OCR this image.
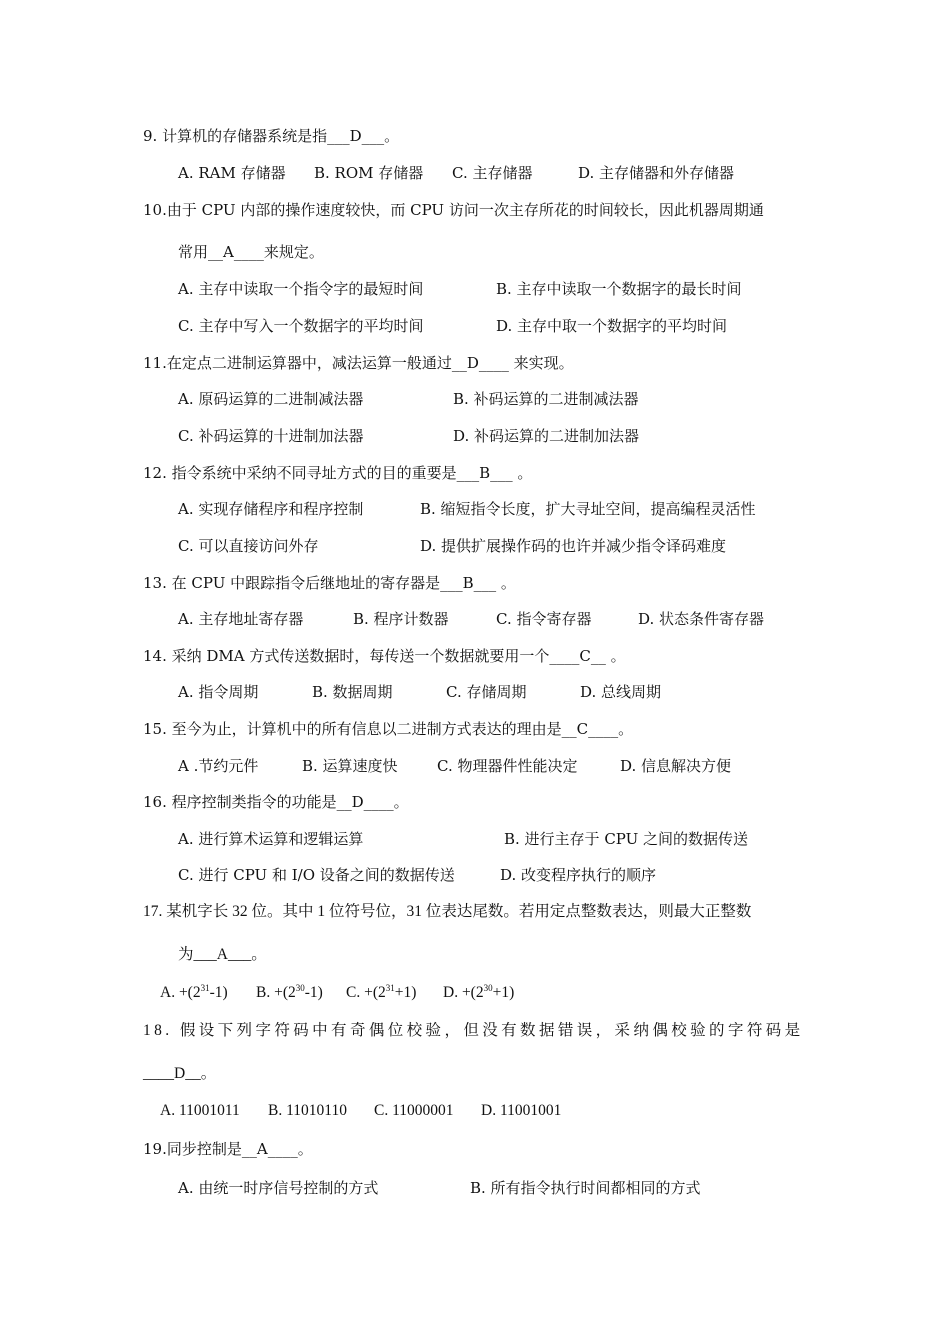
9. 计算机的存储器系统是指___D___。
A. RAM 存储器 B. ROM 存储器 C. 主存储器	D. 主存储器和外存储器
10.由于 CPU 内部的操作速度较快，而 CPU 访问一次主存所花的时间较长，因此机器周期通
常用__A____来规定。
A. 主存中读取一个指令字的最短时间	B. 主存中读取一个数据字的最长时间
C. 主存中写入一个数据字的平均时间	D. 主存中取一个数据字的平均时间
11.在定点二进制运算器中，减法运算一般通过__D____ 来实现。
A. 原码运算的二进制减法器	B. 补码运算的二进制减法器
C. 补码运算的十进制加法器	D. 补码运算的二进制加法器
12. 指令系统中采纳不同寻址方式的目的重要是___B___ 。
A. 实现存储程序和程序控制	B. 缩短指令长度，扩大寻址空间，提高编程灵活性
C. 可以直接访问外存	D. 提供扩展操作码的也许并减少指令译码难度
13. 在 CPU 中跟踪指令后继地址的寄存器是___B___ 。
A. 主存地址寄存器	B. 程序计数器	C. 指令寄存器	D. 状态条件寄存器
14. 采纳 DMA 方式传送数据时，每传送一个数据就要用一个____C__ 。
A. 指令周期	B. 数据周期	C. 存储周期	D. 总线周期
15. 至今为止，计算机中的所有信息以二进制方式表达的理由是__C____。
A .节约元件	B. 运算速度快	C. 物理器件性能决定	D. 信息解决方便
16. 程序控制类指令的功能是__D____。
A. 进行算术运算和逻辑运算	B. 进行主存于 CPU 之间的数据传送
C. 进行 CPU 和 I/O 设备之间的数据传送	D. 改变程序执行的顺序
17. 某机字长 32 位。其中 1 位符号位，31 位表达尾数。若用定点整数表达，则最大正整数
为___A___。
A. $+(2^{31}-1)$ B. $+(2^{30}-1)$ C. $+(2^{31}+1)$ D. $+(2^{30}+1)$
18. 假设下列字符码中有奇偶位校验，但没有数据错误，采纳偶校验的字符码是
____D__。
A. 11001011 B. 11010110 C. 11000001 D. 11001001
19.同步控制是__A____。
A. 由统一时序信号控制的方式	B. 所有指令执行时间都相同的方式
